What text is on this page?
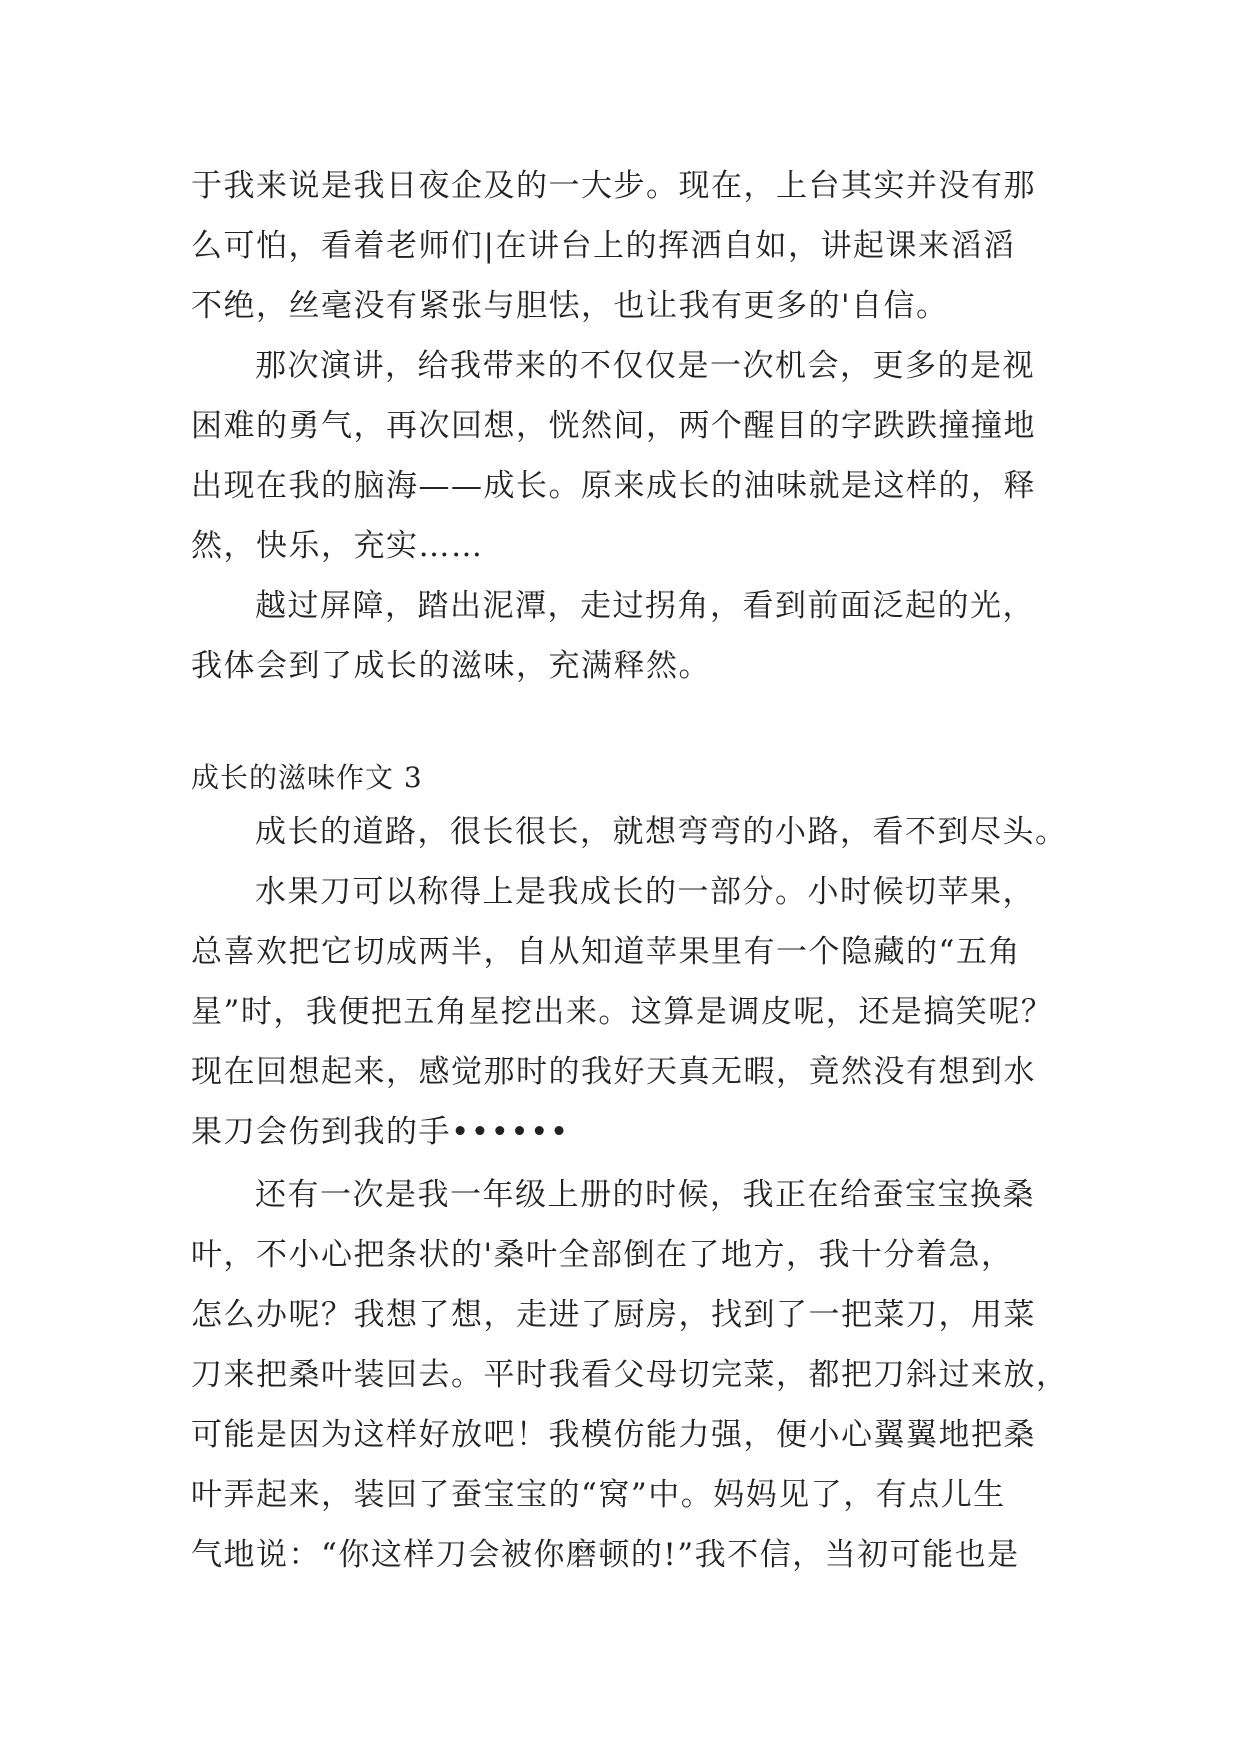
于我来说是我日夜企及的一大步。现在，上台其实并没有那
么可怕，看着老师们|在讲台上的挥洒自如，讲起课来滔滔
不绝，丝毫没有紧张与胆怯，也让我有更多的'自信。
那次演讲，给我带来的不仅仅是一次机会，更多的是视
困难的勇气，再次回想，恍然间，两个醒目的字跌跌撞撞地
出现在我的脑海——成长。原来成长的油味就是这样的，释
然，快乐，充实……
越过屏障，踏出泥潭，走过拐角，看到前面泛起的光，
我体会到了成长的滋味，充满释然。
成长的滋味作文 3
成长的道路，很长很长，就想弯弯的小路，看不到尽头。
水果刀可以称得上是我成长的一部分。小时候切苹果，
总喜欢把它切成两半，自从知道苹果里有一个隐藏的“五角
星”时，我便把五角星挖出来。这算是调皮呢，还是搞笑呢？
现在回想起来，感觉那时的我好天真无暇，竟然没有想到水
果刀会伤到我的手••••••
还有一次是我一年级上册的时候，我正在给蚕宝宝换桑
叶，不小心把条状的'桑叶全部倒在了地方，我十分着急，
怎么办呢？我想了想，走进了厨房，找到了一把菜刀，用菜
刀来把桑叶装回去。平时我看父母切完菜，都把刀斜过来放，
可能是因为这样好放吧！我模仿能力强，便小心翼翼地把桑
叶弄起来，装回了蚕宝宝的“窝”中。妈妈见了，有点儿生
气地说：“你这样刀会被你磨顿的!”我不信，当初可能也是
